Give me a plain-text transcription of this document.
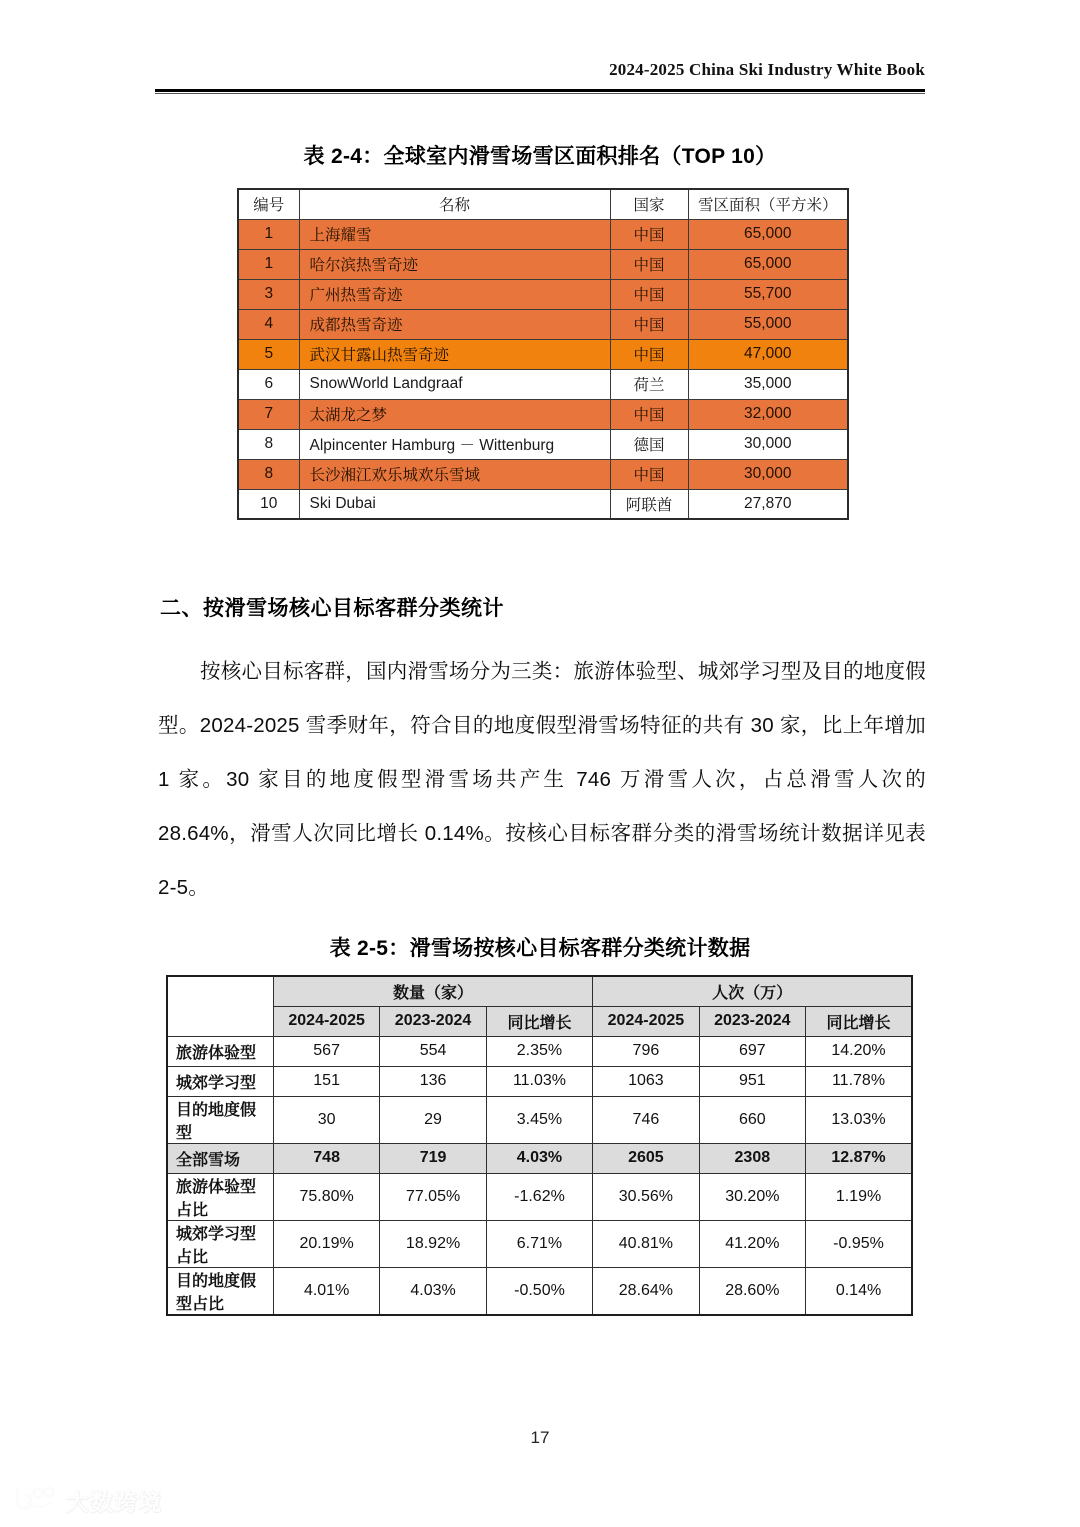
2024-2025 China Ski Industry White Book
表 2-4：全球室内滑雪场雪区面积排名（TOP 10）
编号	名称	国家	雪区面积（平方米）
1	上海耀雪	中国	65,000
1	哈尔滨热雪奇迹	中国	65,000
3	广州热雪奇迹	中国	55,700
4	成都热雪奇迹	中国	55,000
5	武汉甘露山热雪奇迹	中国	47,000
6	SnowWorld Landgraaf	荷兰	35,000
7	太湖龙之梦	中国	32,000
8	Alpincenter Hamburg － Wittenburg	德国	30,000
8	长沙湘江欢乐城欢乐雪域	中国	30,000
10	Ski Dubai	阿联酋	27,870
二、按滑雪场核心目标客群分类统计
按核心目标客群，国内滑雪场分为三类：旅游体验型、城郊学习型及目的地度假型。2024-2025 雪季财年，符合目的地度假型滑雪场特征的共有 30 家，比上年增加 1 家。30 家目的地度假型滑雪场共产生 746 万滑雪人次，占总滑雪人次的 28.64%，滑雪人次同比增长 0.14%。按核心目标客群分类的滑雪场统计数据详见表 2-5。
表 2-5：滑雪场按核心目标客群分类统计数据
	数量（家）			人次（万）		
	2024-2025	2023-2024	同比增长	2024-2025	2023-2024	同比增长
旅游体验型	567	554	2.35%	796	697	14.20%
城郊学习型	151	136	11.03%	1063	951	11.78%
目的地度假型	30	29	3.45%	746	660	13.03%
全部雪场	748	719	4.03%	2605	2308	12.87%
旅游体验型占比	75.80%	77.05%	-1.62%	30.56%	30.20%	1.19%
城郊学习型占比	20.19%	18.92%	6.71%	40.81%	41.20%	-0.95%
目的地度假型占比	4.01%	4.03%	-0.50%	28.64%	28.60%	0.14%
17
大数跨境
